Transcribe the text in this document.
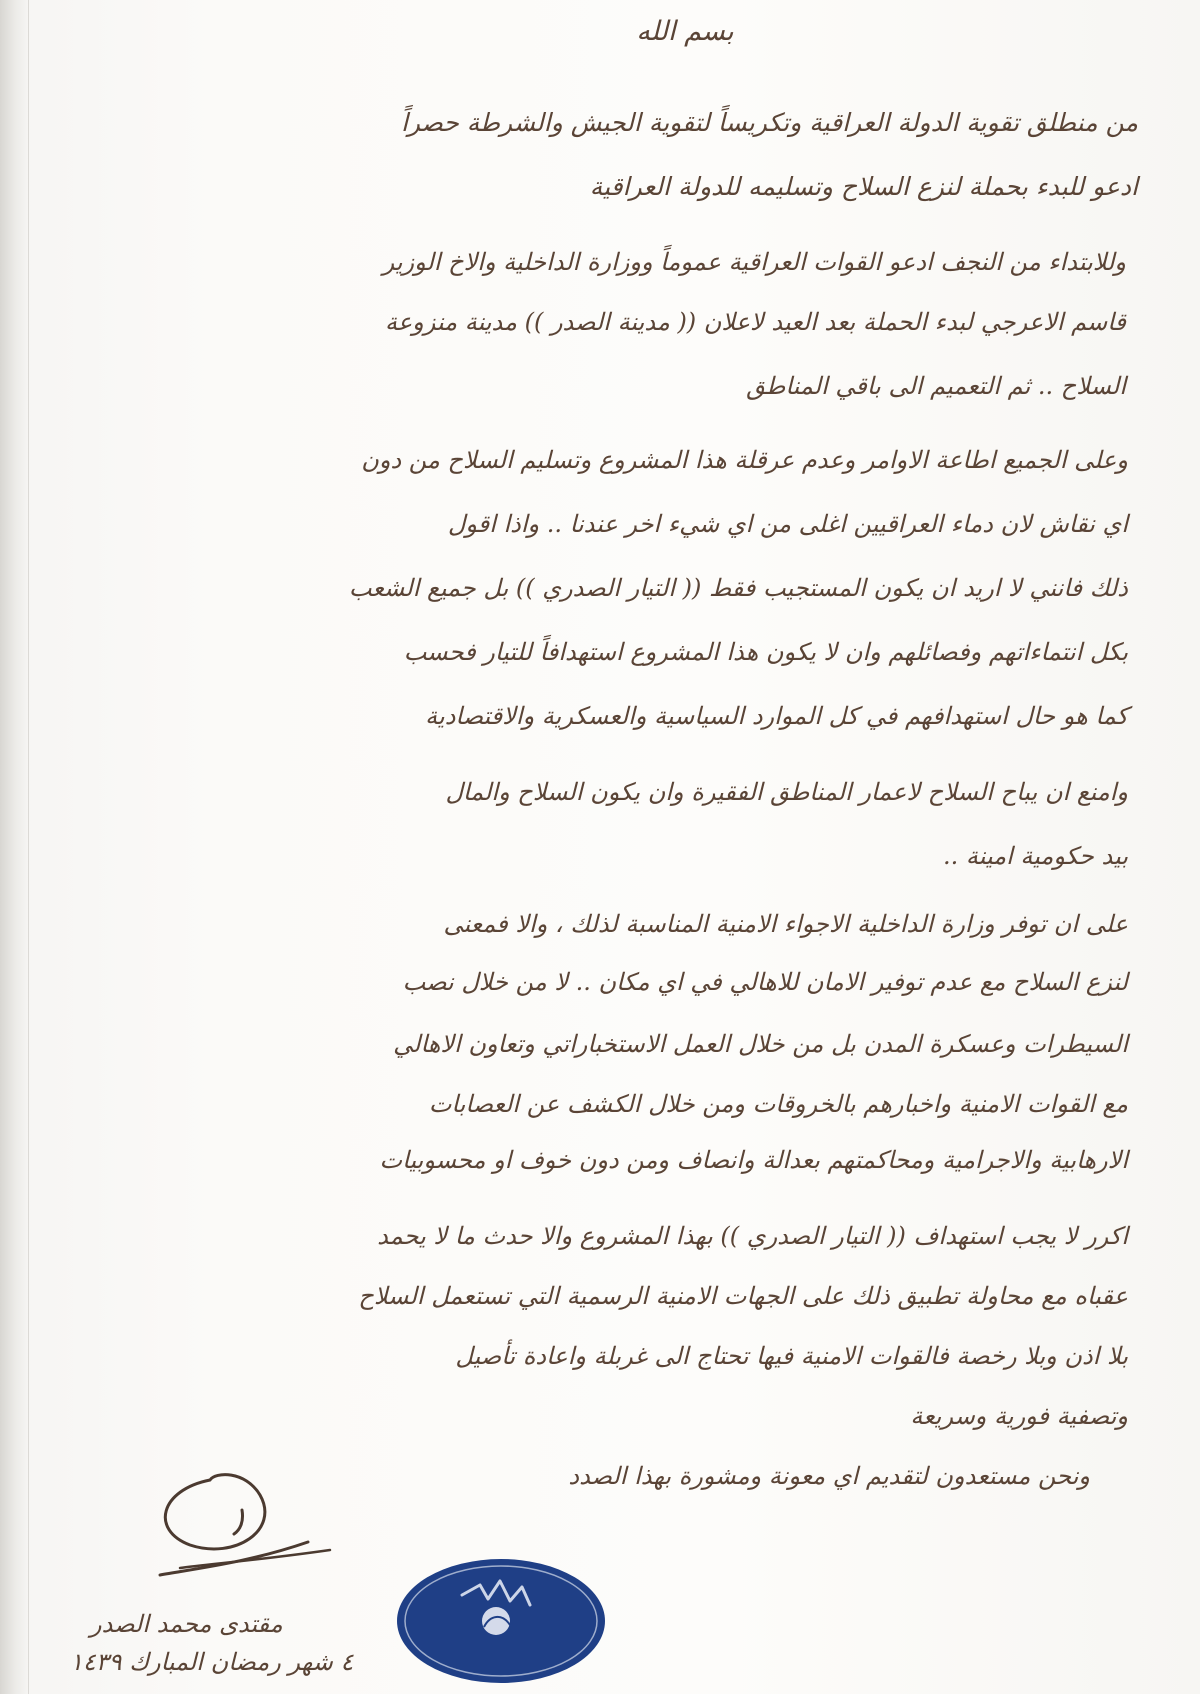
بسم الله
من منطلق تقوية الدولة العراقية وتكريساً لتقوية الجيش والشرطة حصراً
ادعو للبدء بحملة لنزع السلاح وتسليمه للدولة العراقية
وللابتداء من النجف ادعو القوات العراقية عموماً ووزارة الداخلية والاخ الوزير
قاسم الاعرجي لبدء الحملة بعد العيد لاعلان (( مدينة الصدر )) مدينة منزوعة
السلاح .. ثم التعميم الى باقي المناطق
وعلى الجميع اطاعة الاوامر وعدم عرقلة هذا المشروع وتسليم السلاح من دون
اي نقاش لان دماء العراقيين اغلى من اي شيء اخر عندنا .. واذا اقول
ذلك فانني لا اريد ان يكون المستجيب فقط (( التيار الصدري )) بل جميع الشعب
بكل انتماءاتهم وفصائلهم وان لا يكون هذا المشروع استهدافاً للتيار فحسب
كما هو حال استهدافهم في كل الموارد السياسية والعسكرية والاقتصادية
وامنع ان يباح السلاح لاعمار المناطق الفقيرة وان يكون السلاح والمال
بيد حكومية امينة ..
على ان توفر وزارة الداخلية الاجواء الامنية المناسبة لذلك ، والا فمعنى
لنزع السلاح مع عدم توفير الامان للاهالي في اي مكان .. لا من خلال نصب
السيطرات وعسكرة المدن بل من خلال العمل الاستخباراتي وتعاون الاهالي
مع القوات الامنية واخبارهم بالخروقات ومن خلال الكشف عن العصابات
الارهابية والاجرامية ومحاكمتهم بعدالة وانصاف ومن دون خوف او محسوبيات
اكرر لا يجب استهداف (( التيار الصدري )) بهذا المشروع والا حدث ما لا يحمد
عقباه مع محاولة تطبيق ذلك على الجهات الامنية الرسمية التي تستعمل السلاح
بلا اذن وبلا رخصة فالقوات الامنية فيها تحتاج الى غربلة واعادة تأصيل
وتصفية فورية وسريعة
ونحن مستعدون لتقديم اي معونة ومشورة بهذا الصدد
مقتدى محمد الصدر
٤ شهر رمضان المبارك ١٤٣٩
